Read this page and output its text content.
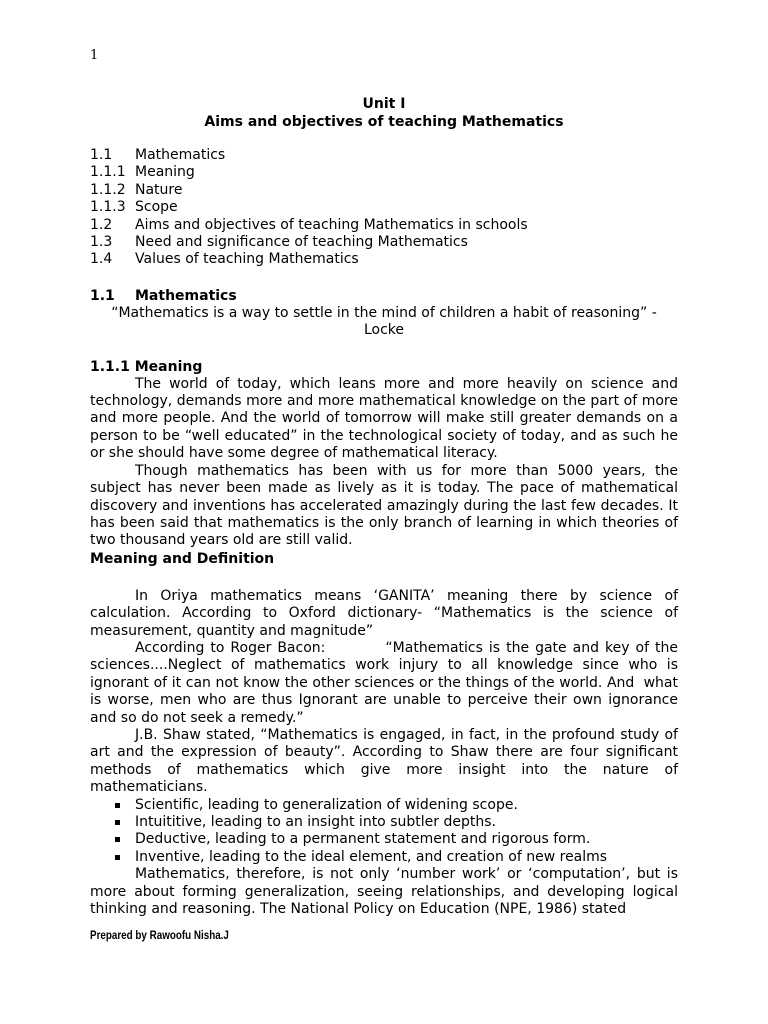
1

Unit I

Aims and objectives of teaching Mathematics

1.1	Mathematics
1.1.1 Meaning
1.1.2 Nature
1.1.3 Scope
1.2	Aims and objectives of teaching Mathematics in schools
1.3	Need and significance of teaching Mathematics
1.4	Values of teaching Mathematics
1.1 Mathematics

“Mathematics is a way to settle in the mind of children a habit of reasoning” -

Locke

1.1.1 Meaning

The world of today, which leans more and more heavily on science and technology, demands more and more mathematical knowledge on the part of more and more people. And the world of tomorrow will make still greater demands on a person to be “well educated” in the technological society of today, and as such he or she should have some degree of mathematical literacy.

Though mathematics has been with us for more than 5000 years, the subject has never been made as lively as it is today. The pace of mathematical discovery and inventions has accelerated amazingly during the last few decades. It has been said that mathematics is the only branch of learning in which theories of two thousand years old are still valid.

Meaning and Definition

In Oriya mathematics means ‘GANITA’ meaning there by science of calculation. According to Oxford dictionary- “Mathematics is the science of measurement, quantity and magnitude”

According to Roger Bacon:          “Mathematics is the gate and key of the sciences....Neglect of mathematics work injury to all knowledge since who is ignorant of it can not know the other sciences or the things of the world. And  what is worse, men who are thus Ignorant are unable to perceive their own ignorance and so do not seek a remedy.”

J.B. Shaw stated, “Mathematics is engaged, in fact, in the profound study of art and the expression of beauty”. According to Shaw there are four significant methods of mathematics which give more insight into the nature of mathematicians.

Scientific, leading to generalization of widening scope.
Intuititive, leading to an insight into subtler depths.
Deductive, leading to a permanent statement and rigorous form.
Inventive, leading to the ideal element, and creation of new realms

Mathematics, therefore, is not only ‘number work’ or ‘computation’, but is more about forming generalization, seeing relationships, and developing logical thinking and reasoning. The National Policy on Education (NPE, 1986) stated

Prepared by Rawoofu Nisha.J
